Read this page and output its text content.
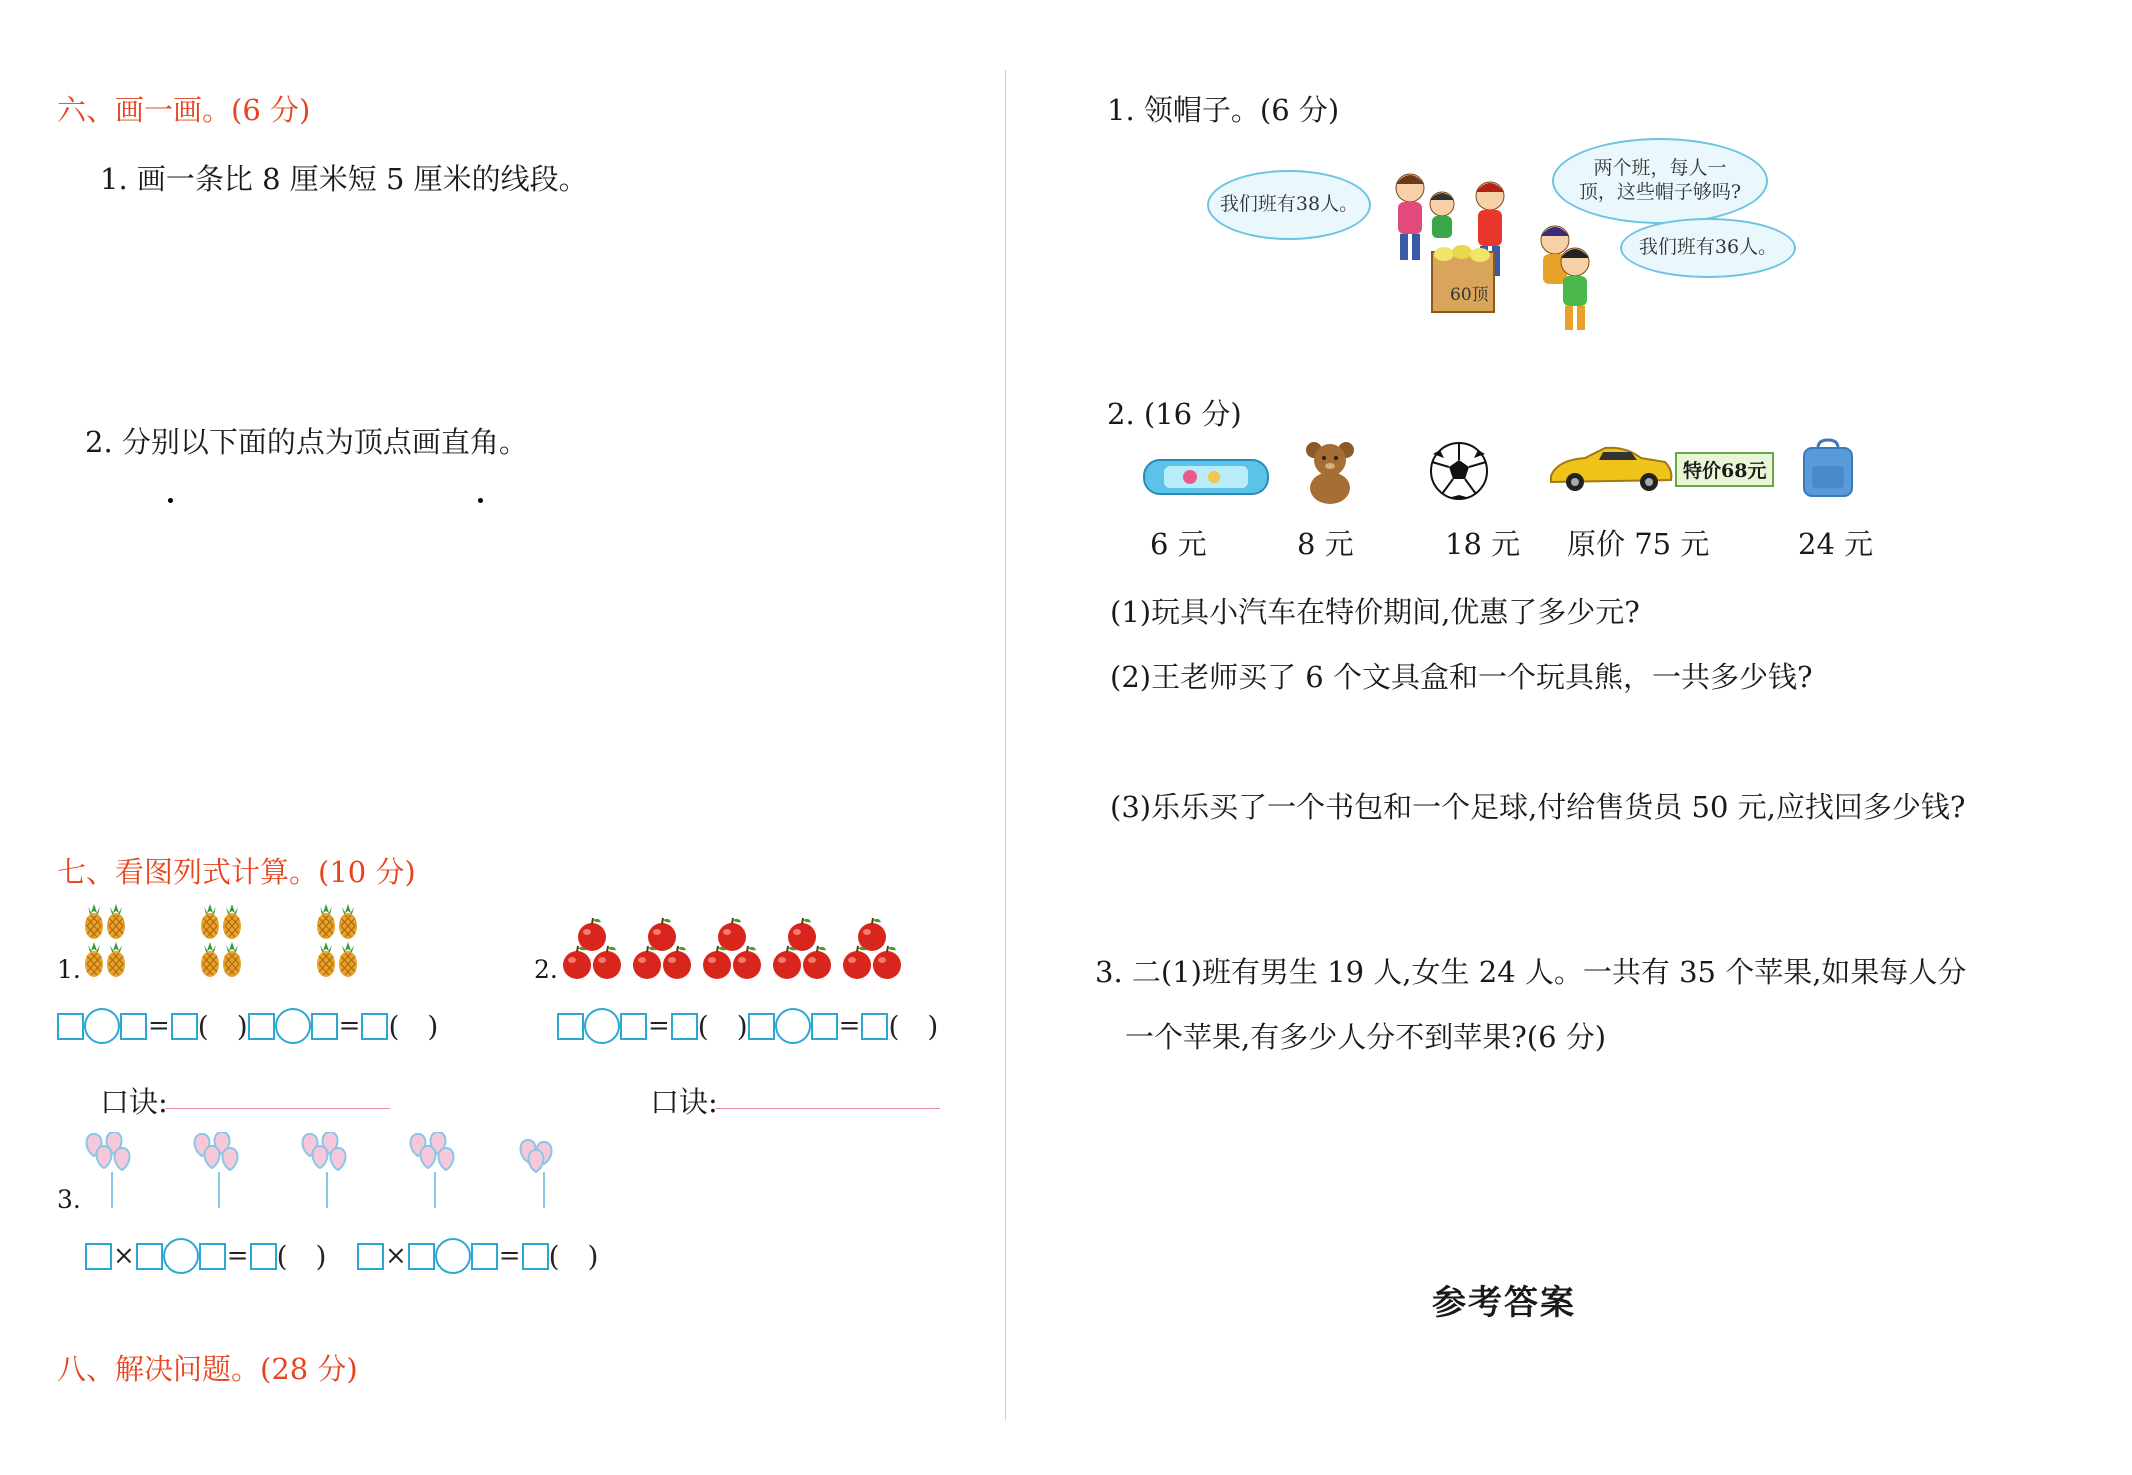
六、画一画。(6 分)
1. 画一条比 8 厘米短 5 厘米的线段。
2. 分别以下面的点为顶点画直角。
七、看图列式计算。(10 分)
1.
= (　)	= (　)
口诀:
2.
= (　)	= (　)
口诀:
3.
×	= (　) ×	= (　)
八、解决问题。(28 分)
1. 领帽子。(6 分)
我们班有38人。
两个班，每人一
顶，这些帽子够吗?
我们班有36人。
60顶
2. (16 分)
6 元	8 元	18 元
特价68元
原价 75 元	24 元
(1)玩具小汽车在特价期间,优惠了多少元?
(2)王老师买了 6 个文具盒和一个玩具熊，一共多少钱?
(3)乐乐买了一个书包和一个足球,付给售货员 50 元,应找回多少钱?
3. 二(1)班有男生 19 人,女生 24 人。一共有 35 个苹果,如果每人分
一个苹果,有多少人分不到苹果?(6 分)
参考答案
